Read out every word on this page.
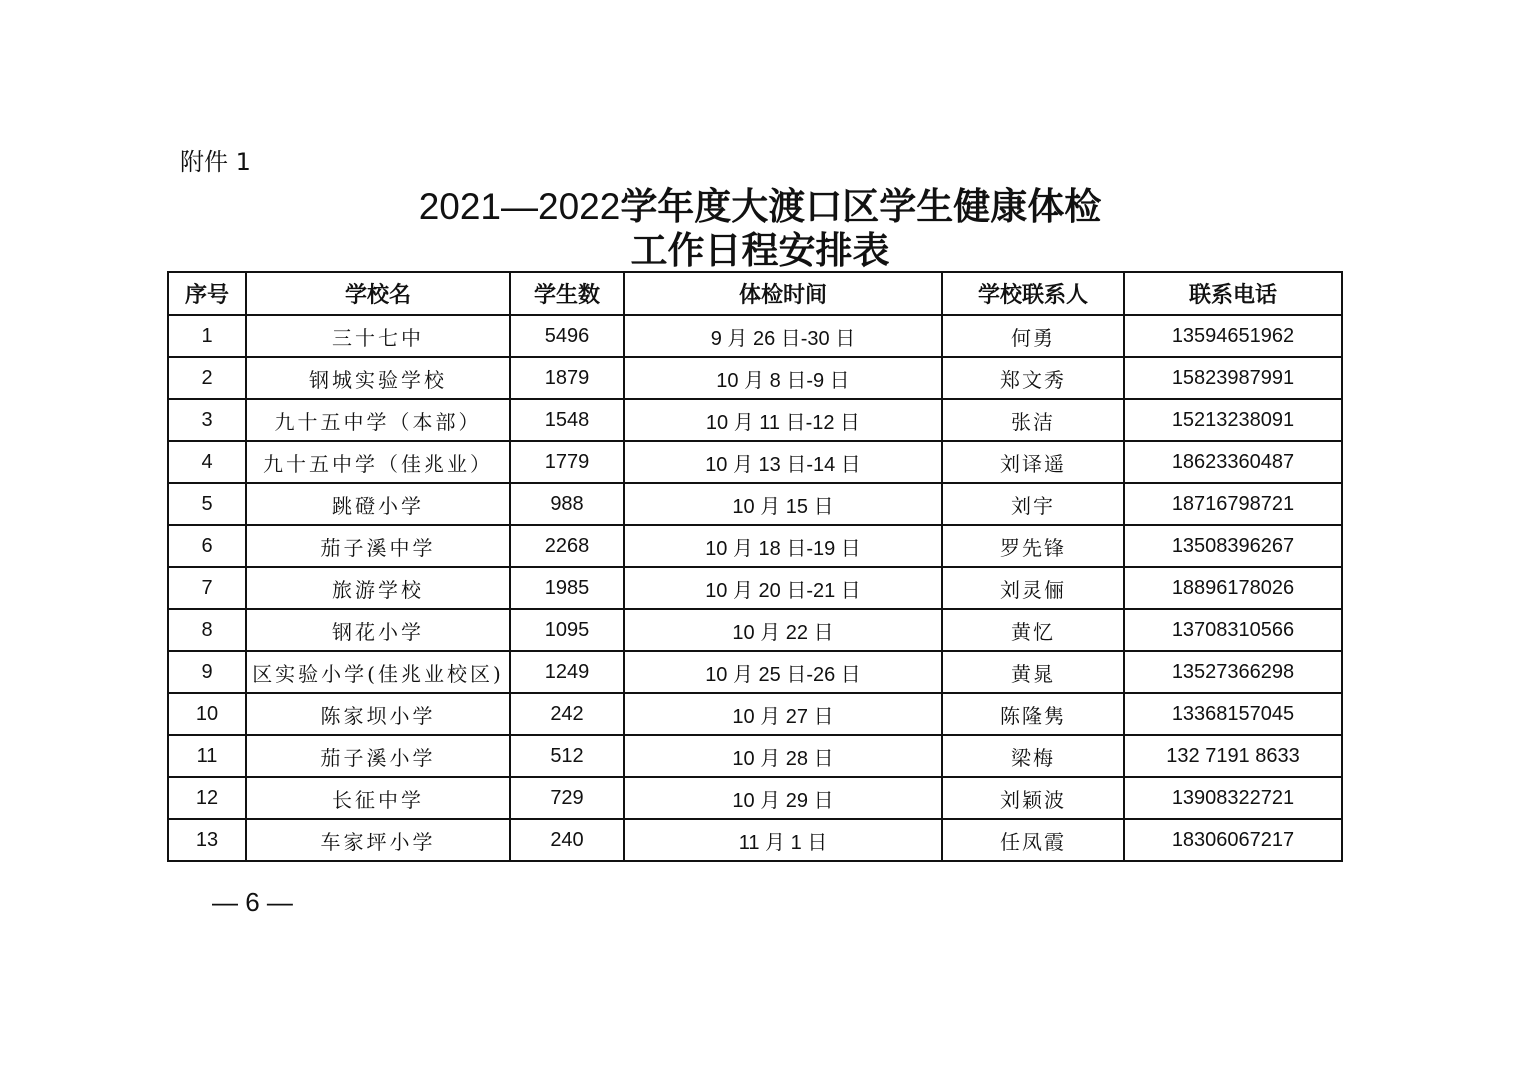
附件 1
2021—2022学年度大渡口区学生健康体检
工作日程安排表
序号	学校名	学生数	体检时间	学校联系人	联系电话
1	三十七中	5496	9 月 26 日-30 日	何勇	13594651962
2	钢城实验学校	1879	10 月 8 日-9 日	郑文秀	15823987991
3	九十五中学（本部）	1548	10 月 11 日-12 日	张洁	15213238091
4	九十五中学（佳兆业）	1779	10 月 13 日-14 日	刘译遥	18623360487
5	跳磴小学	988	10 月 15 日	刘宇	18716798721
6	茄子溪中学	2268	10 月 18 日-19 日	罗先锋	13508396267
7	旅游学校	1985	10 月 20 日-21 日	刘灵俪	18896178026
8	钢花小学	1095	10 月 22 日	黄忆	13708310566
9	区实验小学(佳兆业校区)	1249	10 月 25 日-26 日	黄晁	13527366298
10	陈家坝小学	242	10 月 27 日	陈隆隽	13368157045
11	茄子溪小学	512	10 月 28 日	梁梅	132 7191 8633
12	长征中学	729	10 月 29 日	刘颖波	13908322721
13	车家坪小学	240	11 月 1 日	任凤霞	18306067217
— 6 —
